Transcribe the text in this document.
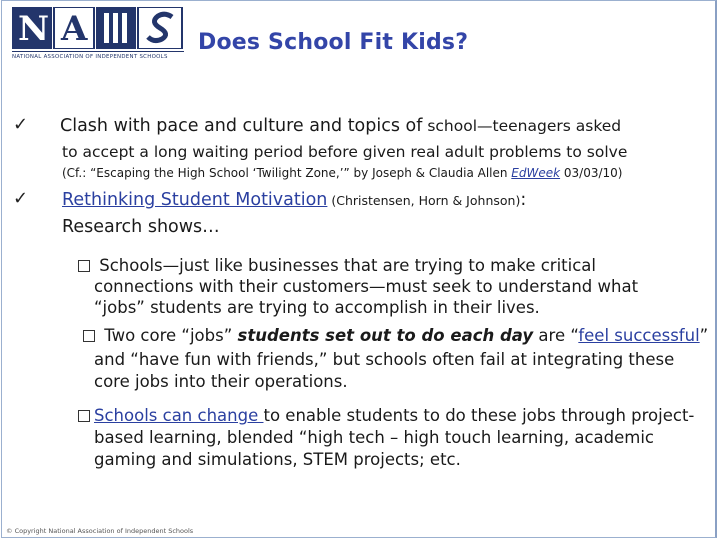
N A
NATIONAL ASSOCIATION OF INDEPENDENT SCHOOLS
Does School Fit Kids?
✓ Clash with pace and culture and topics of school—teenagers asked
to accept a long waiting period before given real adult problems to solve
(Cf.: “Escaping the High School ‘Twilight Zone,’” by Joseph & Claudia Allen EdWeek 03/03/10)
✓ Rethinking Student Motivation (Christensen, Horn & Johnson):
Research shows…
Schools—just like businesses that are trying to make critical
connections with their customers—must seek to understand what
“jobs” students are trying to accomplish in their lives.
Two core “jobs” students set out to do each day are “feel successful”
and “have fun with friends,” but schools often fail at integrating these
core jobs into their operations.
Schools can change to enable students to do these jobs through project-
based learning, blended “high tech – high touch learning, academic
gaming and simulations, STEM projects; etc.
© Copyright National Association of Independent Schools
